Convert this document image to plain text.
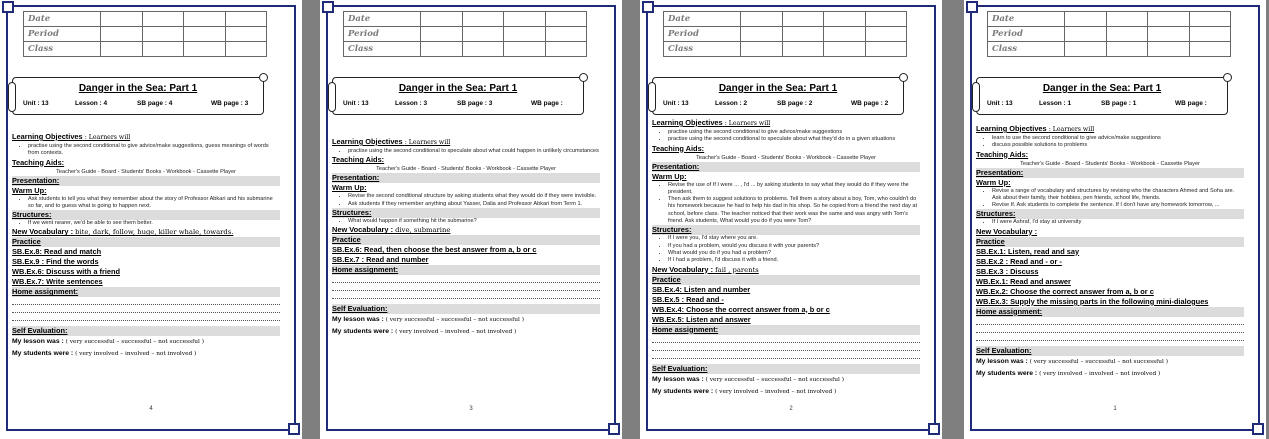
Date				
Period				
Class				
Danger in the Sea: Part 1
Unit : 13	Lesson : 4	SB page : 4	WB page : 3
Learning Objectives : Learners will
• practise using the second conditional to give advice/make suggestions, guess meanings of words from contexts.
Teaching Aids:
Teacher's Guide - Board - Students' Books - Workbook - Cassette Player
Presentation:
Warm Up:
• Ask students to tell you what they remember about the story of Professor Abkari and his submarine so far, and to guess what is going to happen next.
Structures:
• If we went nearer, we'd be able to see them better.
New Vocabulary : bite, dark, follow, huge, killer whale, towards.
Practice
SB.Ex.8: Read and match
SB.Ex.9 : Find the words
WB.Ex.6: Discuss with a friend
WB.Ex.7: Write sentences
Home assignment:
Self Evaluation:
My lesson was : ( very successful – successful – not successful )
My students were : ( very involved – involved – not involved )
4
Date				
Period				
Class				
Danger in the Sea: Part 1
Unit : 13	Lesson : 3	SB page : 3	WB page :
Learning Objectives : Learners will
• practise using the second conditional to speculate about what could happen in unlikely circumstances
Teaching Aids:
Teacher's Guide - Board - Students' Books - Workbook - Cassette Player
Presentation:
Warm Up:
• Revise the second conditional structure by asking students what they would do if they were invisible.
• Ask students if they remember anything about Yasser, Dalia and Professor Abkari from Term 1.
Structures:
• What would happen if something hit the submarine?
New Vocabulary : dive, submarine
Practice
SB.Ex.6: Read, then choose the best answer from a, b or c
SB.Ex.7 : Read and number
Home assignment:
Self Evaluation:
My lesson was : ( very successful – successful – not successful )
My students were : ( very involved – involved – not involved )
3
Date				
Period				
Class				
Danger in the Sea: Part 1
Unit : 13	Lesson : 2	SB page : 2	WB page : 2
Learning Objectives : Learners will
• practise using the second conditional to give advice/make suggestions
• practise using the second conditional to speculate about what they'd do in a given situations
Teaching Aids:
Teacher's Guide - Board - Students' Books - Workbook - Cassette Player
Presentation:
Warm Up:
• Revise the use of If I were ... , I'd ... by asking students to say what they would do if they were the president.
• Then ask them to suggest solutions to problems. Tell them a story about a boy, Tom, who couldn't do his homework because he had to help his dad in his shop. So he copied from a friend the next day at school, before class. The teacher noticed that their work was the same and was angry with Tom's friend. Ask students, What would you do if you were Tom?
Structures:
• If I were you, I'd stay where you are.
• If you had a problem, would you discuss it with your parents?
• What would you do if you had a problem?
• If I had a problem, I'd discuss it with a friend.
New Vocabulary : fail , parents
Practice
SB.Ex.4: Listen and number
SB.Ex.5 : Read and -
WB.Ex.4: Choose the correct answer from a, b or c
WB.Ex.5: Listen and answer
Home assignment:
Self Evaluation:
My lesson was : ( very successful – successful – not successful )
My students were : ( very involved – involved – not involved )
2
Date				
Period				
Class				
Danger in the Sea: Part 1
Unit : 13	Lesson : 1	SB page : 1	WB page :
Learning Objectives : Learners will
• learn to use the second conditional to give advice/make suggestions
• discuss possible solutions to problems
Teaching Aids:
Teacher's Guide - Board - Students' Books - Workbook - Cassette Player
Presentation:
Warm Up:
• Revise a range of vocabulary and structures by revising who the characters Ahmed and Soha are. Ask about their family, their hobbies, pen friends, school life, friends.
• Revise If. Ask students to complete the sentence. If I don't have any homework tomorrow, ...
Structures:
• If I were Ashraf, I'd stay at university
New Vocabulary :
Practice
SB.Ex.1: Listen, read and say
SB.Ex.2 : Read and - or -
SB.Ex.3 : Discuss
WB.Ex.1: Read and answer
WB.Ex.2: Choose the correct answer from a, b or c
WB.Ex.3: Supply the missing parts in the following mini-dialogues
Home assignment:
Self Evaluation:
My lesson was : ( very successful – successful – not successful )
My students were : ( very involved – involved – not involved )
1
